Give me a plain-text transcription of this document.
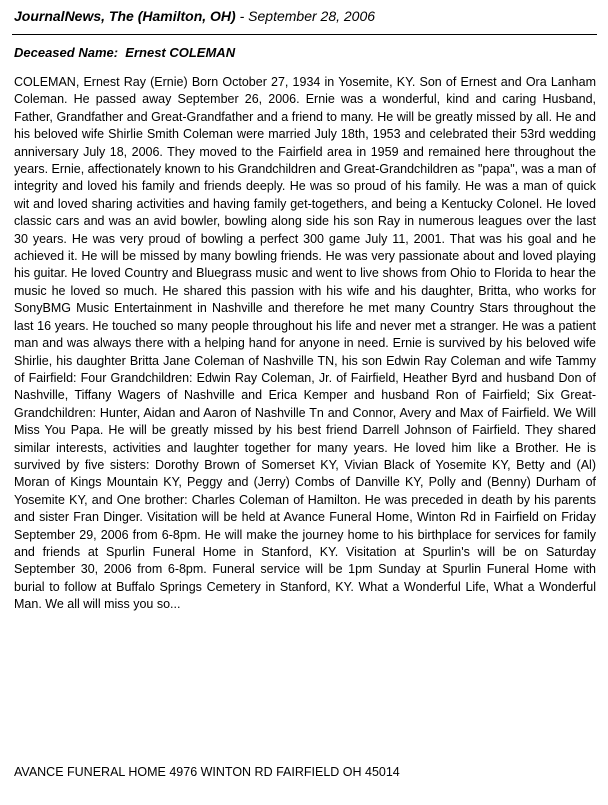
JournalNews, The (Hamilton, OH) - September 28, 2006
Deceased Name: Ernest COLEMAN

COLEMAN, Ernest Ray (Ernie) Born October 27, 1934 in Yosemite, KY. Son of Ernest and Ora Lanham Coleman. He passed away September 26, 2006. Ernie was a wonderful, kind and caring Husband, Father, Grandfather and Great-Grandfather and a friend to many. He will be greatly missed by all. He and his beloved wife Shirlie Smith Coleman were married July 18th, 1953 and celebrated their 53rd wedding anniversary July 18, 2006. They moved to the Fairfield area in 1959 and remained here throughout the years. Ernie, affectionately known to his Grandchildren and Great-Grandchildren as "papa", was a man of integrity and loved his family and friends deeply. He was so proud of his family. He was a man of quick wit and loved sharing activities and having family get-togethers, and being a Kentucky Colonel. He loved classic cars and was an avid bowler, bowling along side his son Ray in numerous leagues over the last 30 years. He was very proud of bowling a perfect 300 game July 11, 2001. That was his goal and he achieved it. He will be missed by many bowling friends. He was very passionate about and loved playing his guitar. He loved Country and Bluegrass music and went to live shows from Ohio to Florida to hear the music he loved so much. He shared this passion with his wife and his daughter, Britta, who works for SonyBMG Music Entertainment in Nashville and therefore he met many Country Stars throughout the last 16 years. He touched so many people throughout his life and never met a stranger. He was a patient man and was always there with a helping hand for anyone in need. Ernie is survived by his beloved wife Shirlie, his daughter Britta Jane Coleman of Nashville TN, his son Edwin Ray Coleman and wife Tammy of Fairfield: Four Grandchildren: Edwin Ray Coleman, Jr. of Fairfield, Heather Byrd and husband Don of Nashville, Tiffany Wagers of Nashville and Erica Kemper and husband Ron of Fairfield; Six Great-Grandchildren: Hunter, Aidan and Aaron of Nashville Tn and Connor, Avery and Max of Fairfield. We Will Miss You Papa. He will be greatly missed by his best friend Darrell Johnson of Fairfield. They shared similar interests, activities and laughter together for many years. He loved him like a Brother. He is survived by five sisters: Dorothy Brown of Somerset KY, Vivian Black of Yosemite KY, Betty and (Al) Moran of Kings Mountain KY, Peggy and (Jerry) Combs of Danville KY, Polly and (Benny) Durham of Yosemite KY, and One brother: Charles Coleman of Hamilton. He was preceded in death by his parents and sister Fran Dinger. Visitation will be held at Avance Funeral Home, Winton Rd in Fairfield on Friday September 29, 2006 from 6-8pm. He will make the journey home to his birthplace for services for family and friends at Spurlin Funeral Home in Stanford, KY. Visitation at Spurlin's will be on Saturday September 30, 2006 from 6-8pm. Funeral service will be 1pm Sunday at Spurlin Funeral Home with burial to follow at Buffalo Springs Cemetery in Stanford, KY. What a Wonderful Life, What a Wonderful Man. We all will miss you so...

AVANCE FUNERAL HOME 4976 WINTON RD FAIRFIELD OH 45014
